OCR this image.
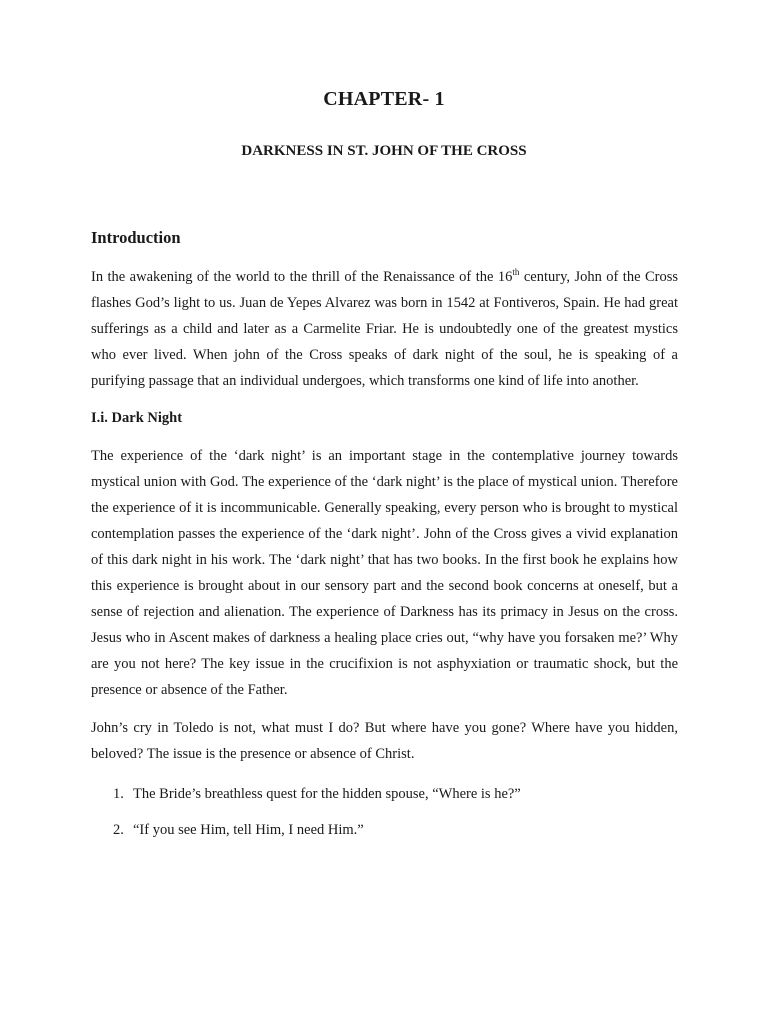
CHAPTER- 1
DARKNESS IN ST. JOHN OF THE CROSS
Introduction

In the awakening of the world to the thrill of the Renaissance of the 16th century, John of the Cross flashes God’s light to us. Juan de Yepes Alvarez was born in 1542 at Fontiveros, Spain. He had great sufferings as a child and later as a Carmelite Friar. He is undoubtedly one of the greatest mystics who ever lived. When john of the Cross speaks of dark night of the soul, he is speaking of a purifying passage that an individual undergoes, which transforms one kind of life into another.

I.i. Dark Night

The experience of the ‘dark night’ is an important stage in the contemplative journey towards mystical union with God. The experience of the ‘dark night’ is the place of mystical union. Therefore the experience of it is incommunicable. Generally speaking, every person who is brought to mystical contemplation passes the experience of the ‘dark night’. John of the Cross gives a vivid explanation of this dark night in his work. The ‘dark night’ that has two books. In the first book he explains how this experience is brought about in our sensory part and the second book concerns at oneself, but a sense of rejection and alienation. The experience of Darkness has its primacy in Jesus on the cross. Jesus who in Ascent makes of darkness a healing place cries out, “why have you forsaken me?’ Why are you not here? The key issue in the crucifixion is not asphyxiation or traumatic shock, but the presence or absence of the Father.

John’s cry in Toledo is not, what must I do? But where have you gone? Where have you hidden, beloved? The issue is the presence or absence of Christ.

1. The Bride’s breathless quest for the hidden spouse, “Where is he?”
2. “If you see Him, tell Him, I need Him.”
